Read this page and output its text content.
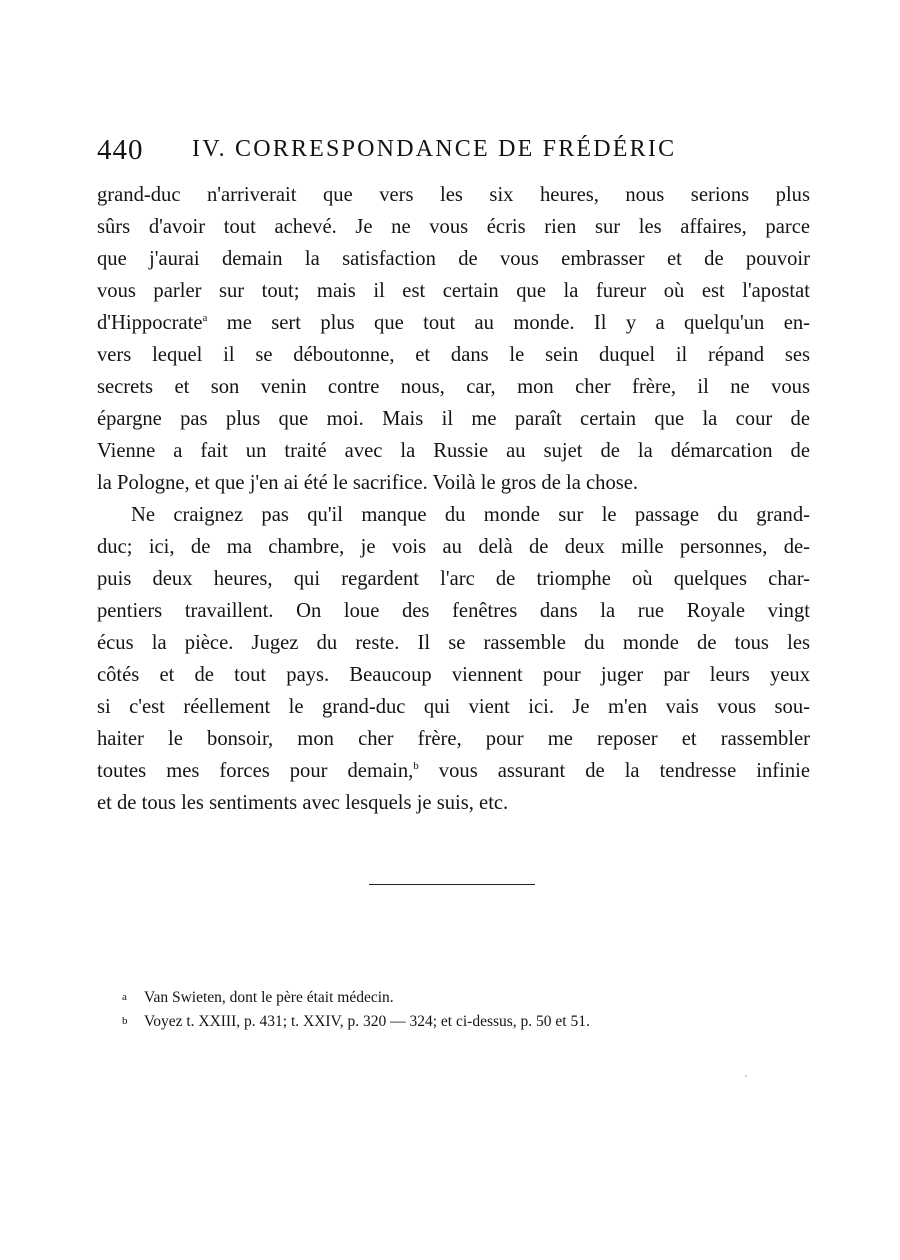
440 IV. CORRESPONDANCE DE FRÉDÉRIC
grand-duc n'arriverait que vers les six heures, nous serions plus
sûrs d'avoir tout achevé. Je ne vous écris rien sur les affaires, parce
que j'aurai demain la satisfaction de vous embrasser et de pouvoir
vous parler sur tout; mais il est certain que la fureur où est l'apostat
d'Hippocrate$^a$ me sert plus que tout au monde. Il y a quelqu'un en-
vers lequel il se déboutonne, et dans le sein duquel il répand ses
secrets et son venin contre nous, car, mon cher frère, il ne vous
épargne pas plus que moi. Mais il me paraît certain que la cour de
Vienne a fait un traité avec la Russie au sujet de la démarcation de
la Pologne, et que j'en ai été le sacrifice. Voilà le gros de la chose.
Ne craignez pas qu'il manque du monde sur le passage du grand-
duc; ici, de ma chambre, je vois au delà de deux mille personnes, de-
puis deux heures, qui regardent l'arc de triomphe où quelques char-
pentiers travaillent. On loue des fenêtres dans la rue Royale vingt
écus la pièce. Jugez du reste. Il se rassemble du monde de tous les
côtés et de tout pays. Beaucoup viennent pour juger par leurs yeux
si c'est réellement le grand-duc qui vient ici. Je m'en vais vous sou-
haiter le bonsoir, mon cher frère, pour me reposer et rassembler
toutes mes forces pour demain,$^b$ vous assurant de la tendresse infinie
et de tous les sentiments avec lesquels je suis, etc.
a Van Swieten, dont le père était médecin.
b Voyez t. XXIII, p. 431; t. XXIV, p. 320 — 324; et ci-dessus, p. 50 et 51.
